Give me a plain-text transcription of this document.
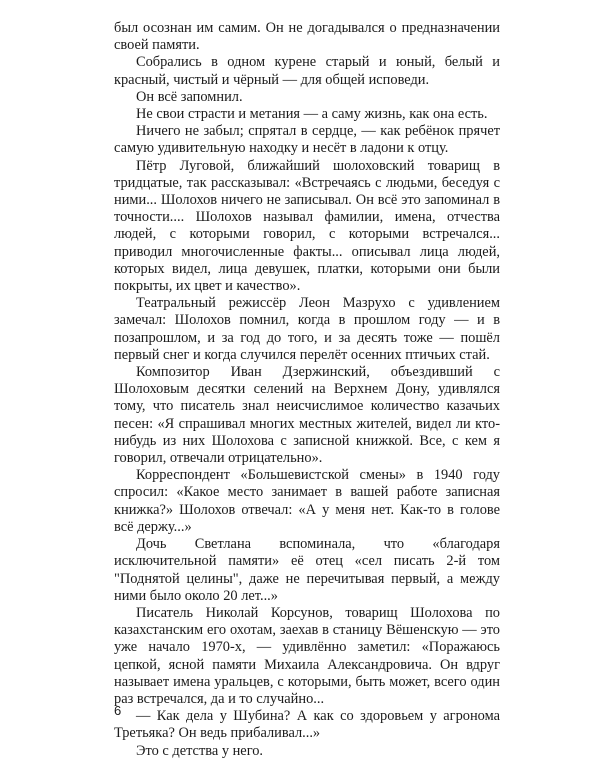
был осознан им самим. Он не догадывался о предназначении своей памяти.

Собрались в одном курене старый и юный, белый и красный, чистый и чёрный — для общей исповеди.

Он всё запомнил.

Не свои страсти и метания — а саму жизнь, как она есть.

Ничего не забыл; спрятал в сердце, — как ребёнок прячет самую удивительную находку и несёт в ладони к отцу.

Пётр Луговой, ближайший шолоховский товарищ в тридцатые, так рассказывал: «Встречаясь с людьми, беседуя с ними... Шолохов ничего не записывал. Он всё это запоминал в точности.... Шолохов называл фамилии, имена, отчества людей, с которыми говорил, с которыми встречался... приводил многочисленные факты... описывал лица людей, которых видел, лица девушек, платки, которыми они были покрыты, их цвет и качество».

Театральный режиссёр Леон Мазрухо с удивлением замечал: Шолохов помнил, когда в прошлом году — и в позапрошлом, и за год до того, и за десять тоже — пошёл первый снег и когда случился перелёт осенних птичьих стай.

Композитор Иван Дзержинский, объездивший с Шолоховым десятки селений на Верхнем Дону, удивлялся тому, что писатель знал неисчислимое количество казачьих песен: «Я спрашивал многих местных жителей, видел ли кто-нибудь из них Шолохова с записной книжкой. Все, с кем я говорил, отвечали отрицательно».

Корреспондент «Большевистской смены» в 1940 году спросил: «Какое место занимает в вашей работе записная книжка?» Шолохов отвечал: «А у меня нет. Как-то в голове всё держу...»

Дочь Светлана вспоминала, что «благодаря исключительной памяти» её отец «сел писать 2-й том "Поднятой целины", даже не перечитывая первый, а между ними было около 20 лет...»

Писатель Николай Корсунов, товарищ Шолохова по казахстанским его охотам, заехав в станицу Вёшенскую — это уже начало 1970-х, — удивлённо заметил: «Поражаюсь цепкой, ясной памяти Михаила Александровича. Он вдруг называет имена уральцев, с которыми, быть может, всего один раз встречался, да и то случайно...

— Как дела у Шубина? А как со здоровьем у агронома Третьяка? Он ведь прибаливал...»

Это с детства у него.

6
